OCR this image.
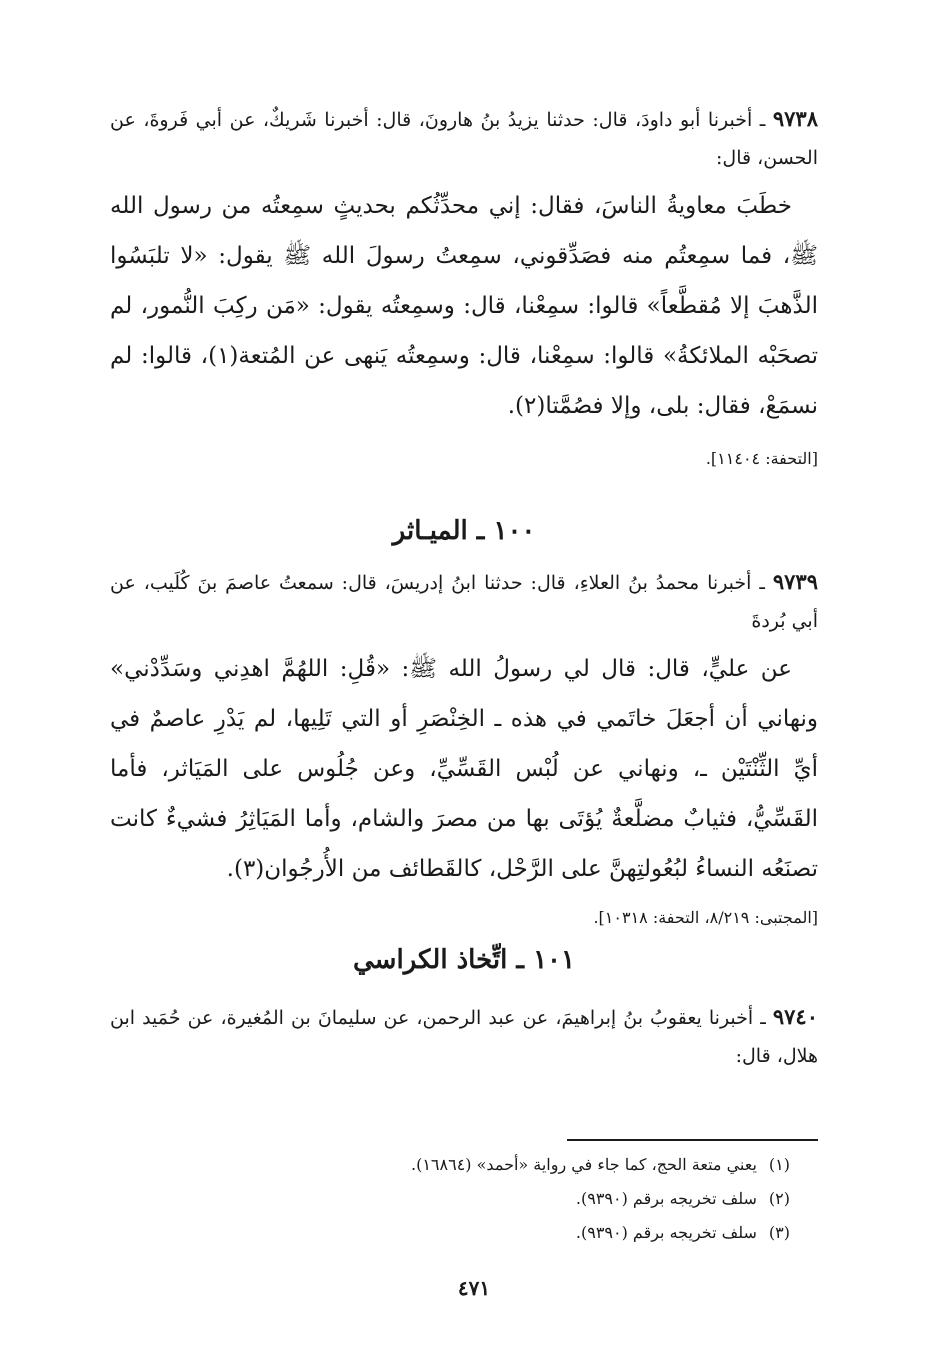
٩٧٣٨ ـ أخبرنا أبو داودَ، قال: حدثنا يزيدُ بنُ هارونَ، قال: أخبرنا شَريكٌ، عن أبي فَروةَ، عن الحسن، قال:

خطَبَ معاويةُ الناسَ، فقال: إني محدِّثُكم بحديثٍ سمِعتُه من رسول الله ﷺ، فما سمِعتُم منه فصَدِّقوني، سمِعتُ رسولَ الله ﷺ يقول: «لا تلبَسُوا الذَّهبَ إلا مُقطَّعاً» قالوا: سمِعْنا، قال: وسمِعتُه يقول: «مَن ركِبَ النُّمور، لم تصحَبْه الملائكةُ» قالوا: سمِعْنا، قال: وسمِعتُه يَنهى عن المُتعة(١)، قالوا: لم نسمَعْ، فقال: بلى، وإلا فصُمَّتا(٢).

[التحفة: ١١٤٠٤].

١٠٠ ـ الميـاثر

٩٧٣٩ ـ أخبرنا محمدُ بنُ العلاءِ، قال: حدثنا ابنُ إدريسَ، قال: سمعتُ عاصمَ بنَ كُلَيب، عن أبي بُردةَ

عن عليٍّ، قال: قال لي رسولُ الله ﷺ: «قُلِ: اللهُمَّ اهدِني وسَدِّدْني» ونهاني أن أجعَلَ خاتَمي في هذه ـ الخِنْصَرِ أو التي تَلِيها، لم يَدْرِ عاصمٌ في أيِّ الثِّنْتَيْن ـ، ونهاني عن لُبْس القَسِّيِّ، وعن جُلُوس على المَيَاثر، فأما القَسِّيُّ، فثيابٌ مضلَّعةٌ يُؤتَى بها من مصرَ والشام، وأما المَيَاثِرُ فشيءٌ كانت تصنَعُه النساءُ لبُعُولتِهنَّ على الرَّحْل، كالقَطائف من الأُرجُوان(٣).

[المجتبى: ٨/٢١٩، التحفة: ١٠٣١٨].

١٠١ ـ اتِّخاذ الكراسي

٩٧٤٠ ـ أخبرنا يعقوبُ بنُ إبراهيمَ، عن عبد الرحمن، عن سليمانَ بن المُغيرة، عن حُمَيد ابن هلال، قال:

(١)
يعني متعة الحج، كما جاء في رواية «أحمد» (١٦٨٦٤).
(٢)
سلف تخريجه برقم (٩٣٩٠).
(٣)
سلف تخريجه برقم (٩٣٩٠).
٤٧١
